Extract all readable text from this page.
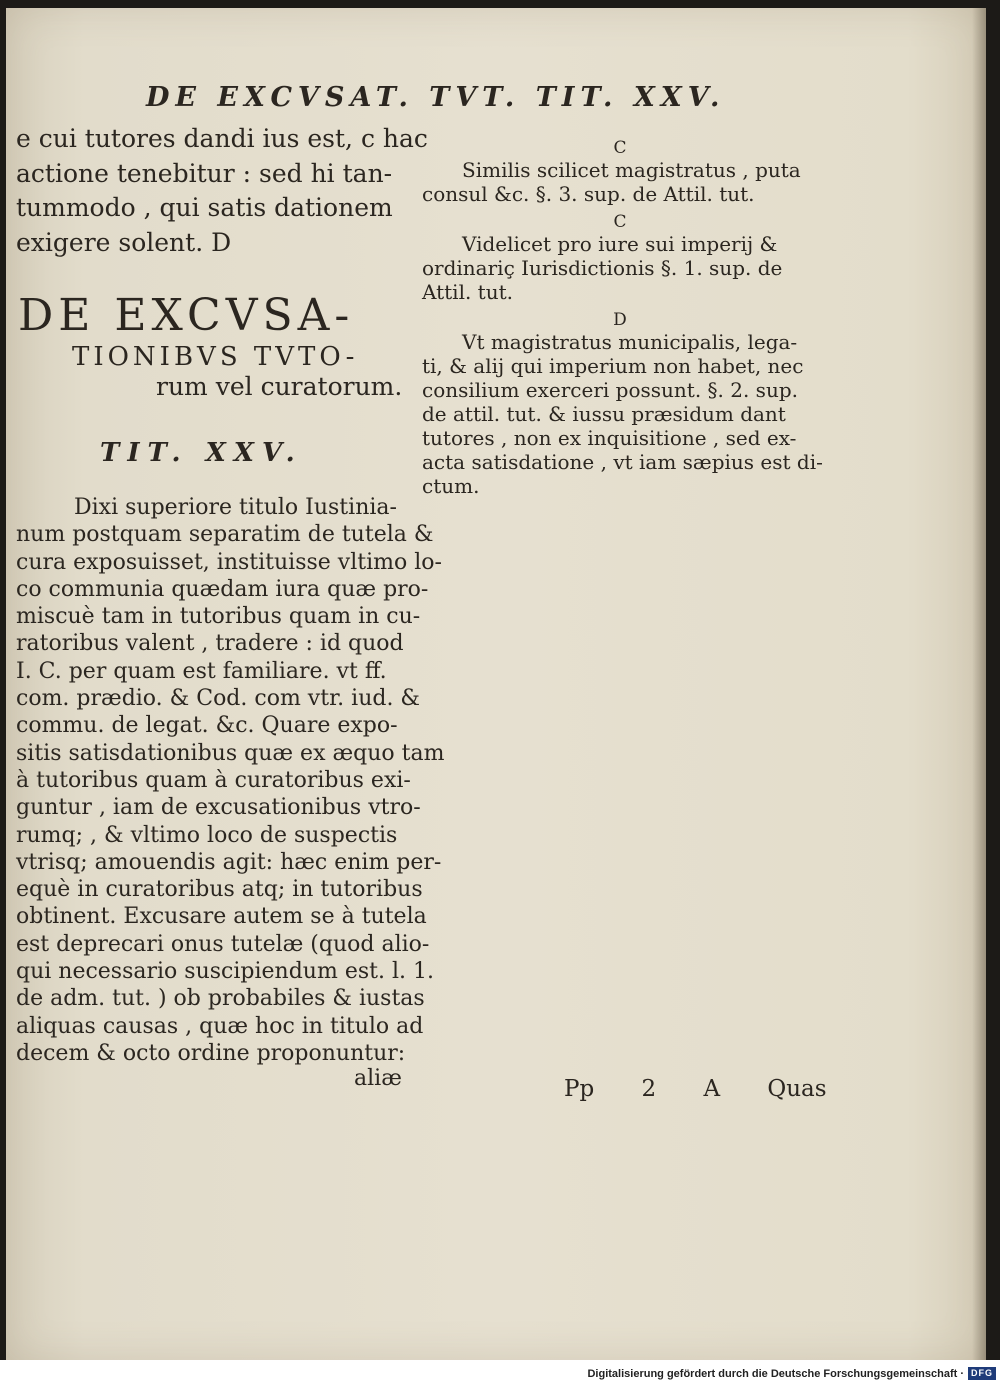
DE EXCVSAT. TVT. TIT. XXV.
e cui tutores dandi ius est, c hac
actione tenebitur : sed hi tan-
tummodo , qui satis dationem
exigere solent. D
DE EXCVSA-
TIONIBVS TVTO-
rum vel curatorum.
TIT. XXV.
Dixi superiore titulo Iustinia-
num postquam separatim de tutela &
cura exposuisset, instituisse vltimo lo-
co communia quædam iura quæ pro-
miscuè tam in tutoribus quam in cu-
ratoribus valent , tradere : id quod
I. C. per quam est familiare. vt ff.
com. prædio. & Cod. com vtr. iud. &
commu. de legat. &c. Quare expo-
sitis satisdationibus quæ ex æquo tam
à tutoribus quam à curatoribus exi-
guntur , iam de excusationibus vtro-
rumq; , & vltimo loco de suspectis
vtrisq; amouendis agit: hæc enim per-
equè in curatoribus atq; in tutoribus
obtinent. Excusare autem se à tutela
est deprecari onus tutelæ (quod alio-
qui necessario suscipiendum est. l. 1.
de adm. tut. ) ob probabiles & iustas
aliquas causas , quæ hoc in titulo ad
decem & octo ordine proponuntur:
aliæ
C
Similis scilicet magistratus , puta
consul &c. §. 3. sup. de Attil. tut.
C
Videlicet pro iure sui imperij &
ordinariç Iurisdictionis §. 1. sup. de
Attil. tut.
D
Vt magistratus municipalis, lega-
ti, & alij qui imperium non habet, nec
consilium exerceri possunt. §. 2. sup.
de attil. tut. & iussu præsidum dant
tutores , non ex inquisitione , sed ex-
acta satisdatione , vt iam sæpius est di-
ctum.
Pp 2 A Quas
Digitalisierung gefördert durch die Deutsche Forschungsgemeinschaft · DFG
